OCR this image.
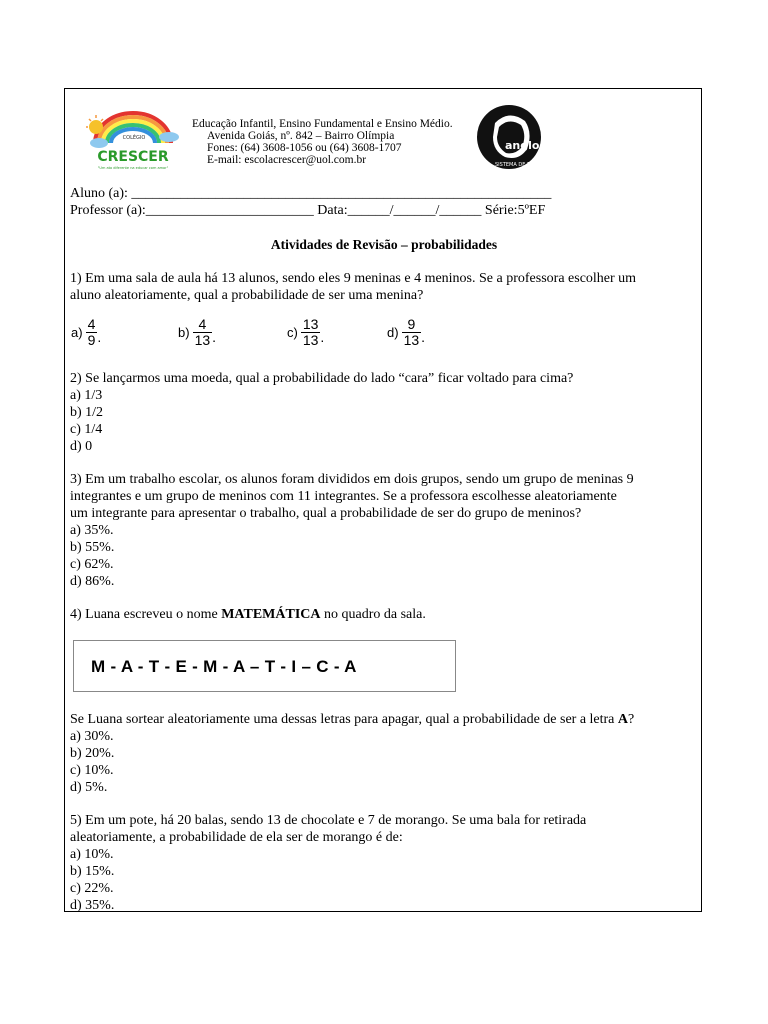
COLÉGIO
CRESCER
"Um ato diferente na educar com amor"
Educação Infantil, Ensino Fundamental e Ensino Médio.
Avenida Goiás, nº. 842 – Bairro Olímpia
Fones: (64) 3608-1056 ou (64) 3608-1707
E-mail: escolacrescer@uol.com.br
anglo
SISTEMA DE ENSINO
Aluno (a): ____________________________________________________________
Professor (a):________________________ Data:______/______/______ Série:5ºEF
Atividades de Revisão – probabilidades
1) Em uma sala de aula há 13 alunos, sendo eles 9 meninas e 4 meninos. Se a professora escolher um
aluno aleatoriamente, qual a probabilidade de ser uma menina?
$a) \frac{4}{9}$ .	$b) \frac{4}{13}$ .	$c) \frac{13}{13}$ .	$d) \frac{9}{13}$ .
2) Se lançarmos uma moeda, qual a probabilidade do lado “cara” ficar voltado para cima?
a) 1/3
b) 1/2
c) 1/4
d) 0
3) Em um trabalho escolar, os alunos foram divididos em dois grupos, sendo um grupo de meninas 9
integrantes e um grupo de meninos com 11 integrantes. Se a professora escolhesse aleatoriamente
um integrante para apresentar o trabalho, qual a probabilidade de ser do grupo de meninos?
a) 35%.
b) 55%.
c) 62%.
d) 86%.
4) Luana escreveu o nome MATEMÁTICA no quadro da sala.
M - A - T - E - M - A – T - I – C - A
Se Luana sortear aleatoriamente uma dessas letras para apagar, qual a probabilidade de ser a letra A?
a) 30%.
b) 20%.
c) 10%.
d) 5%.
5) Em um pote, há 20 balas, sendo 13 de chocolate e 7 de morango. Se uma bala for retirada
aleatoriamente, a probabilidade de ela ser de morango é de:
a) 10%.
b) 15%.
c) 22%.
d) 35%.
